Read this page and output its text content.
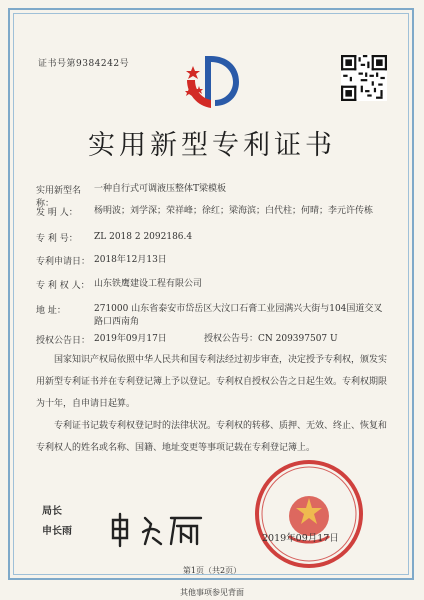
证书号第9384242号
实用新型专利证书
实用新型名称：
一种自行式可调液压整体T梁模板
发 明 人：	杨明波；刘学深；荣祥峰；徐红；梁海滨；白代柱；何晴；李元许传栋
专 利 号：	ZL 2018 2 2092186.4
专利申请日： 2018年12月13日
专 利 权 人： 山东铁鹰建设工程有限公司
地 址：	271000 山东省泰安市岱岳区大汶口石膏工业园满兴大街与104国道交叉路口西南角
授权公告日： 2019年09月17日	授权公告号：CN 209397507 U

国家知识产权局依照中华人民共和国专利法经过初步审查，决定授予专利权，颁发实用新型专利证书并在专利登记簿上予以登记。专利权自授权公告之日起生效。专利权期限为十年，自申请日起算。

专利证书记载专利权登记时的法律状况。专利权的转移、质押、无效、终止、恢复和专利权人的姓名或名称、国籍、地址变更等事项记载在专利登记簿上。

局长
申长雨
2019年09月17日
第1页（共2页）
其他事项参见背面
